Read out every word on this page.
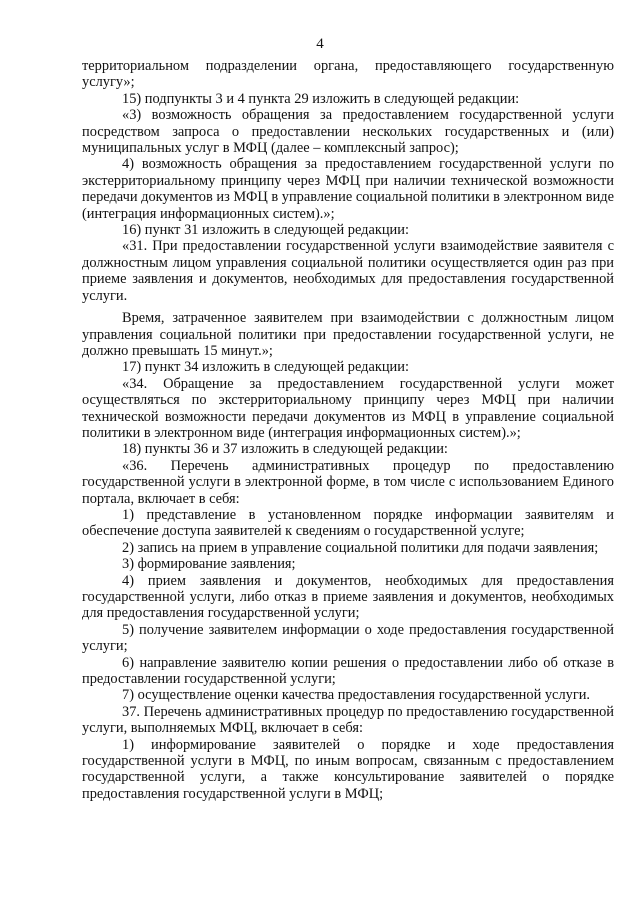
4

территориальном подразделении органа, предоставляющего государственную услугу»;

15) подпункты 3 и 4 пункта 29 изложить в следующей редакции:

«3) возможность обращения за предоставлением государственной услуги посредством запроса о предоставлении нескольких государственных и (или) муниципальных услуг в МФЦ (далее – комплексный запрос);

4) возможность обращения за предоставлением государственной услуги по экстерриториальному принципу через МФЦ при наличии технической возможности передачи документов из МФЦ в управление социальной политики в электронном виде (интеграция информационных систем).»;

16) пункт 31 изложить в следующей редакции:

«31. При предоставлении государственной услуги взаимодействие заявителя с должностным лицом управления социальной политики осуществляется один раз при приеме заявления и документов, необходимых для предоставления государственной услуги.

Время, затраченное заявителем при взаимодействии с должностным лицом управления социальной политики при предоставлении государственной услуги, не должно превышать 15 минут.»;

17) пункт 34 изложить в следующей редакции:

«34. Обращение за предоставлением государственной услуги может осуществляться по экстерриториальному принципу через МФЦ при наличии технической возможности передачи документов из МФЦ в управление социальной политики в электронном виде (интеграция информационных систем).»;

18) пункты 36 и 37 изложить в следующей редакции:

«36. Перечень административных процедур по предоставлению государственной услуги в электронной форме, в том числе с использованием Единого портала, включает в себя:

1) представление в установленном порядке информации заявителям и обеспечение доступа заявителей к сведениям о государственной услуге;

2) запись на прием в управление социальной политики для подачи заявления;

3) формирование заявления;

4) прием заявления и документов, необходимых для предоставления государственной услуги, либо отказ в приеме заявления и документов, необходимых для предоставления государственной услуги;

5) получение заявителем информации о ходе предоставления государственной услуги;

6) направление заявителю копии решения о предоставлении либо об отказе в предоставлении государственной услуги;

7) осуществление оценки качества предоставления государственной услуги.

37. Перечень административных процедур по предоставлению государственной услуги, выполняемых МФЦ, включает в себя:

1) информирование заявителей о порядке и ходе предоставления государственной услуги в МФЦ, по иным вопросам, связанным с предоставлением государственной услуги, а также консультирование заявителей о порядке предоставления государственной услуги в МФЦ;
